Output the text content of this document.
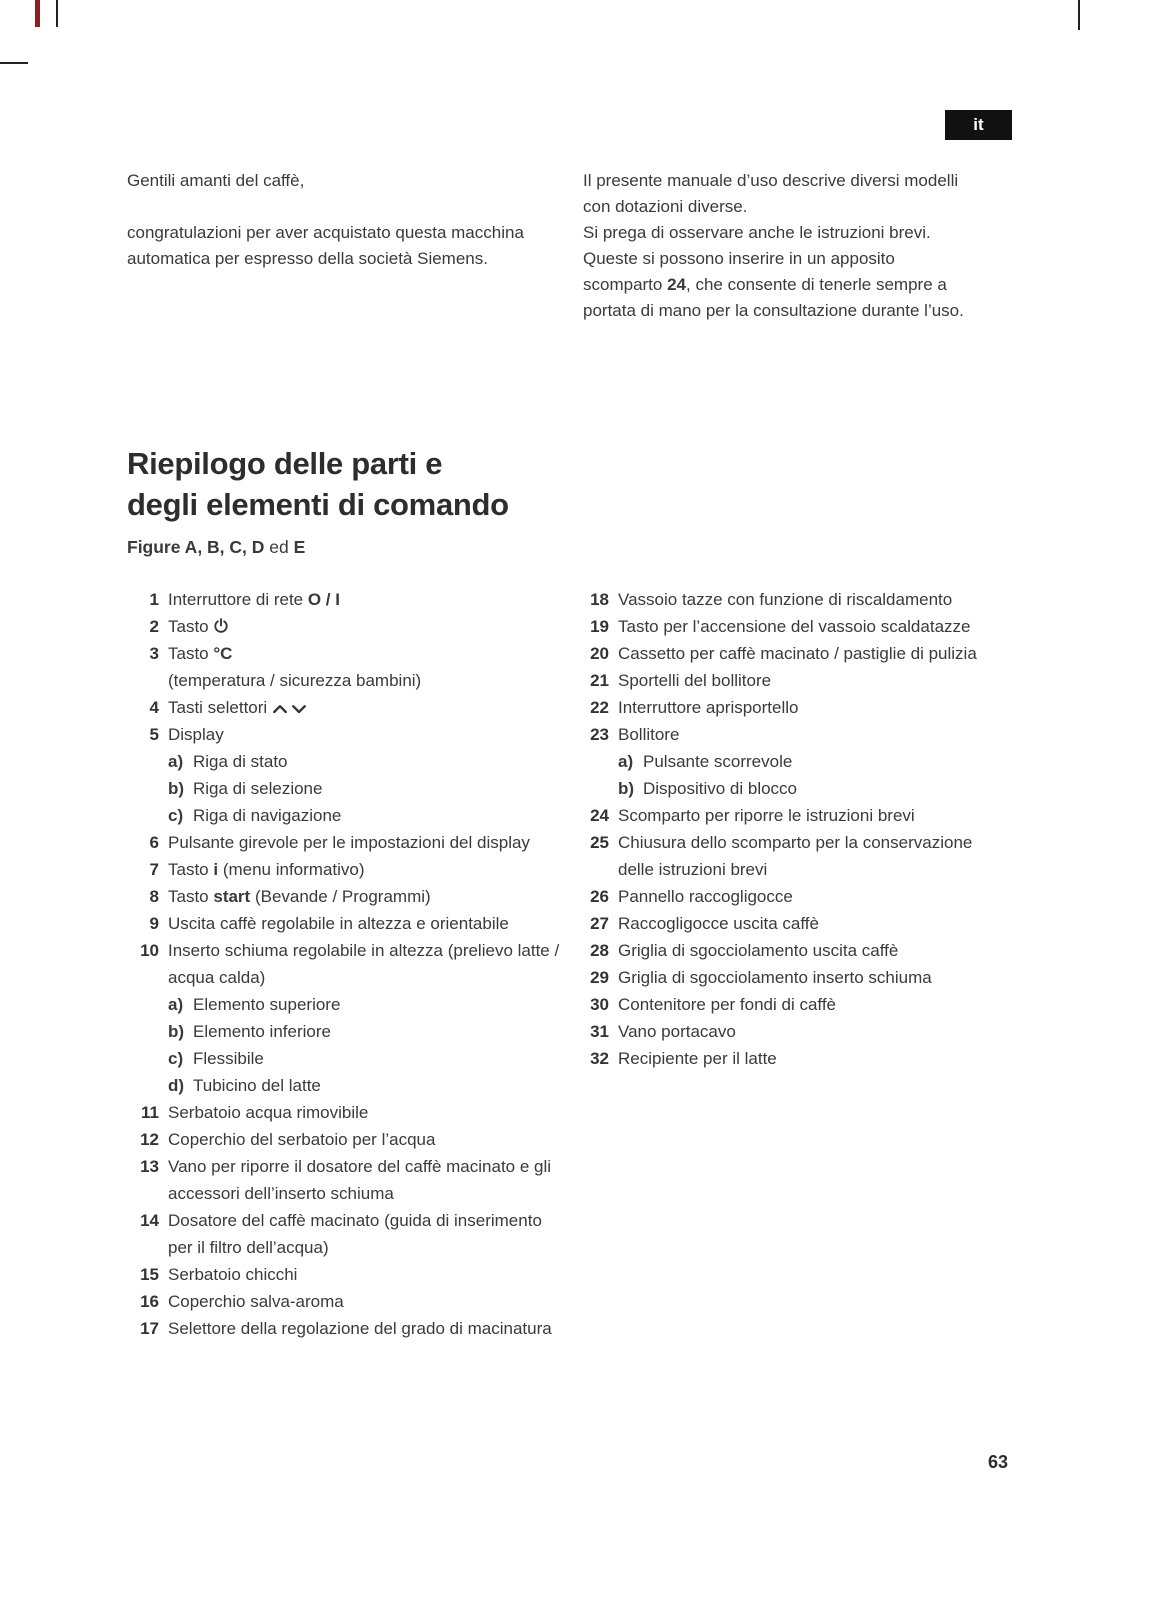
it

Gentili amanti del caffè,

congratulazioni per aver acquistato questa macchina automatica per espresso della società Siemens.

Il presente manuale d’uso descrive diversi modelli con dotazioni diverse.

Si prega di osservare anche le istruzioni brevi. Queste si possono inserire in un apposito scomparto 24, che consente di tenerle sempre a portata di mano per la consultazione durante l’uso.

Riepilogo delle parti e
degli elementi di comando

Figure A, B, C, D ed E

1 Interruttore di rete O / I
2 Tasto
3 Tasto °C
(temperatura / sicurezza bambini)
4 Tasti selettori
5 Display
a) Riga di stato
b) Riga di selezione
c) Riga di navigazione
6 Pulsante girevole per le impostazioni del display
7 Tasto i (menu informativo)
8 Tasto start (Bevande / Programmi)
9 Uscita caffè regolabile in altezza e orientabile
10 Inserto schiuma regolabile in altezza (prelievo latte / acqua calda)
a) Elemento superiore
b) Elemento inferiore
c) Flessibile
d) Tubicino del latte
11 Serbatoio acqua rimovibile
12 Coperchio del serbatoio per l’acqua
13 Vano per riporre il dosatore del caffè macinato e gli accessori dell’inserto schiuma
14 Dosatore del caffè macinato (guida di inserimento per il filtro dell’acqua)
15 Serbatoio chicchi
16 Coperchio salva-aroma
17 Selettore della regolazione del grado di macinatura
18 Vassoio tazze con funzione di riscaldamento
19 Tasto per l’accensione del vassoio scaldatazze
20 Cassetto per caffè macinato / pastiglie di pulizia
21 Sportelli del bollitore
22 Interruttore aprisportello
23 Bollitore
a) Pulsante scorrevole
b) Dispositivo di blocco
24 Scomparto per riporre le istruzioni brevi
25 Chiusura dello scomparto per la conservazione delle istruzioni brevi
26 Pannello raccogligocce
27 Raccogligocce uscita caffè
28 Griglia di sgocciolamento uscita caffè
29 Griglia di sgocciolamento inserto schiuma
30 Contenitore per fondi di caffè
31 Vano portacavo
32 Recipiente per il latte
63
